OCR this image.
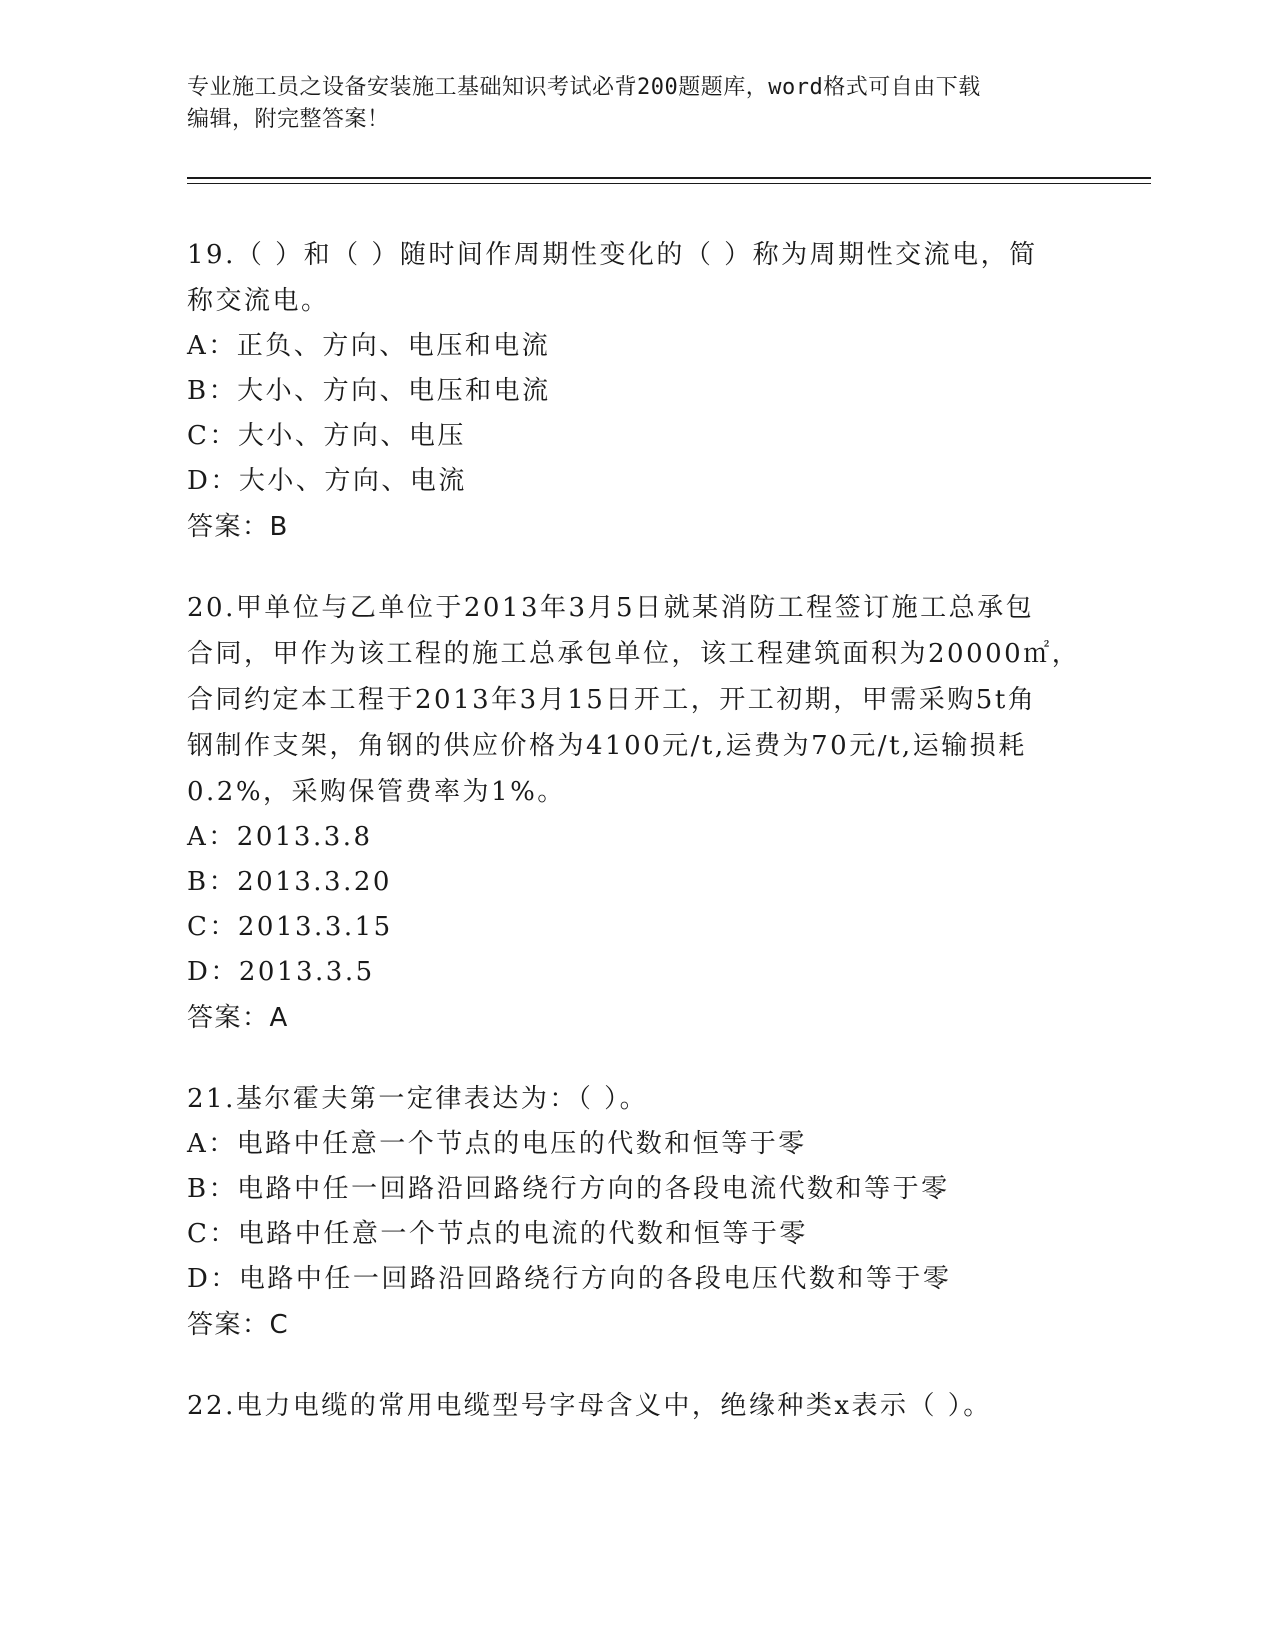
专业施工员之设备安装施工基础知识考试必背200题题库，word格式可自由下载
编辑，附完整答案！

19.（ ）和（ ）随时间作周期性变化的（ ）称为周期性交流电，简

称交流电。

A：正负、方向、电压和电流

B：大小、方向、电压和电流

C：大小、方向、电压

D：大小、方向、电流

答案：B

20.甲单位与乙单位于2013年3月5日就某消防工程签订施工总承包

合同，甲作为该工程的施工总承包单位，该工程建筑面积为20000㎡，

合同约定本工程于2013年3月15日开工，开工初期，甲需采购5t角

钢制作支架，角钢的供应价格为4100元/t,运费为70元/t,运输损耗

0.2%，采购保管费率为1%。

A：2013.3.8

B：2013.3.20

C：2013.3.15

D：2013.3.5

答案：A

21.基尔霍夫第一定律表达为：（ ）。

A：电路中任意一个节点的电压的代数和恒等于零

B：电路中任一回路沿回路绕行方向的各段电流代数和等于零

C：电路中任意一个节点的电流的代数和恒等于零

D：电路中任一回路沿回路绕行方向的各段电压代数和等于零

答案：C

22.电力电缆的常用电缆型号字母含义中，绝缘种类x表示（ ）。
